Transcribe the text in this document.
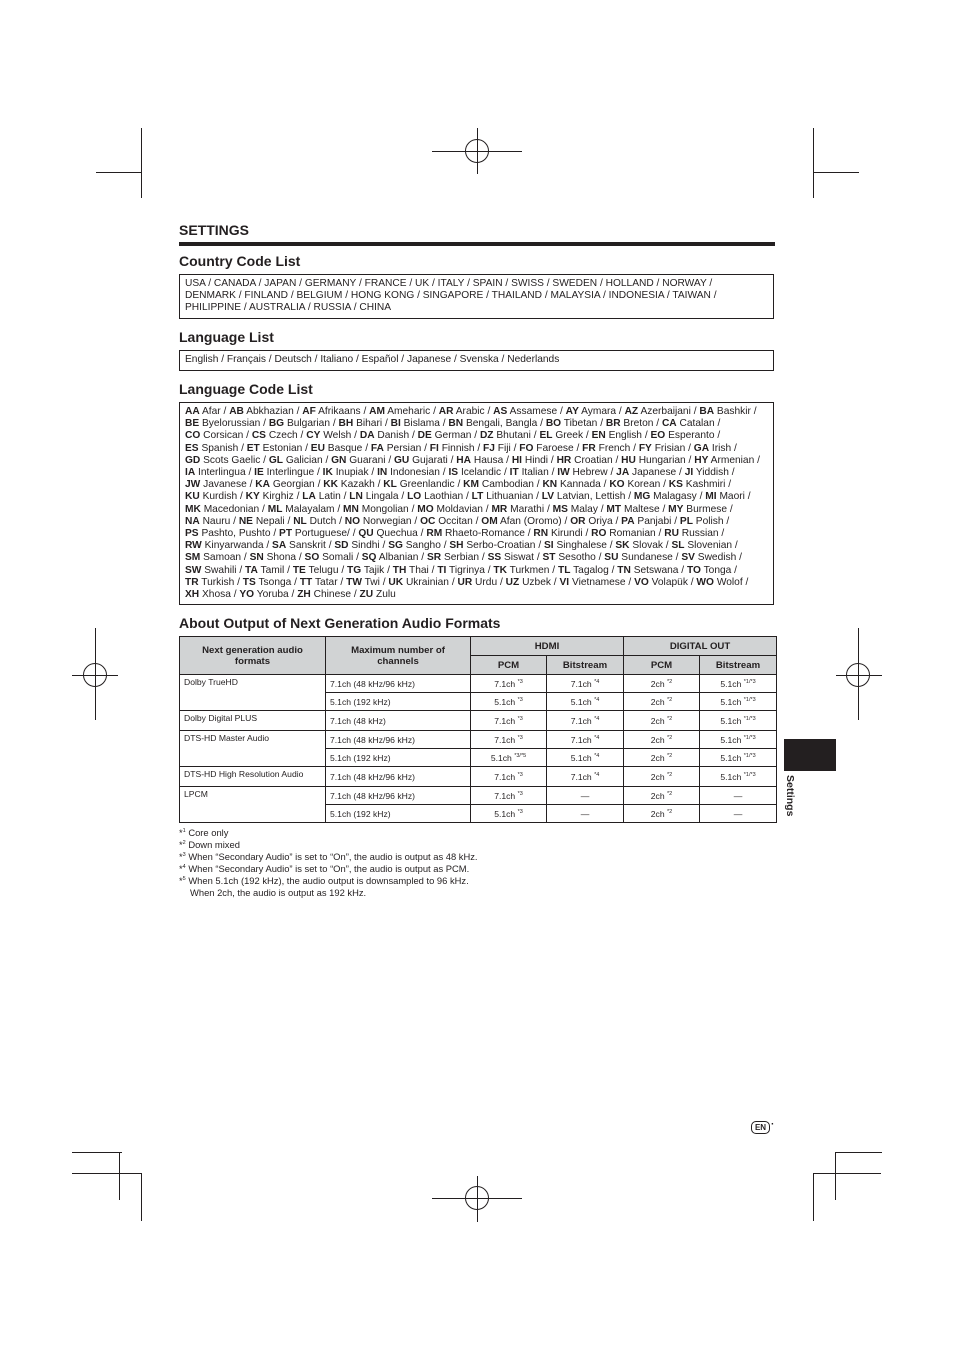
SETTINGS
Country Code List
USA / CANADA / JAPAN / GERMANY / FRANCE / UK / ITALY / SPAIN / SWISS / SWEDEN / HOLLAND / NORWAY /
DENMARK / FINLAND / BELGIUM / HONG KONG / SINGAPORE / THAILAND / MALAYSIA / INDONESIA / TAIWAN /
PHILIPPINE / AUSTRALIA / RUSSIA / CHINA
Language List
English / Français / Deutsch / Italiano / Español / Japanese / Svenska / Nederlands
Language Code List
AA Afar / AB Abkhazian / AF Afrikaans / AM Ameharic / AR Arabic / AS Assamese / AY Aymara / AZ Azerbaijani / BA Bashkir /
BE Byelorussian / BG Bulgarian / BH Bihari / BI Bislama / BN Bengali, Bangla / BO Tibetan / BR Breton / CA Catalan /
CO Corsican / CS Czech / CY Welsh / DA Danish / DE German / DZ Bhutani / EL Greek / EN English / EO Esperanto /
ES Spanish / ET Estonian / EU Basque / FA Persian / FI Finnish / FJ Fiji / FO Faroese / FR French / FY Frisian / GA Irish /
GD Scots Gaelic / GL Galician / GN Guarani / GU Gujarati / HA Hausa / HI Hindi / HR Croatian / HU Hungarian / HY Armenian /
IA Interlingua / IE Interlingue / IK Inupiak / IN Indonesian / IS Icelandic / IT Italian / IW Hebrew / JA Japanese / JI Yiddish /
JW Javanese / KA Georgian / KK Kazakh / KL Greenlandic / KM Cambodian / KN Kannada / KO Korean / KS Kashmiri /
KU Kurdish / KY Kirghiz / LA Latin / LN Lingala / LO Laothian / LT Lithuanian / LV Latvian, Lettish / MG Malagasy / MI Maori /
MK Macedonian / ML Malayalam / MN Mongolian / MO Moldavian / MR Marathi / MS Malay / MT Maltese / MY Burmese /
NA Nauru / NE Nepali / NL Dutch / NO Norwegian / OC Occitan / OM Afan (Oromo) / OR Oriya / PA Panjabi / PL Polish /
PS Pashto, Pushto / PT Portuguese/ / QU Quechua / RM Rhaeto-Romance / RN Kirundi / RO Romanian / RU Russian /
RW Kinyarwanda / SA Sanskrit / SD Sindhi / SG Sangho / SH Serbo-Croatian / SI Singhalese / SK Slovak / SL Slovenian /
SM Samoan / SN Shona / SO Somali / SQ Albanian / SR Serbian / SS Siswat / ST Sesotho / SU Sundanese / SV Swedish /
SW Swahili / TA Tamil / TE Telugu / TG Tajik / TH Thai / TI Tigrinya / TK Turkmen / TL Tagalog / TN Setswana / TO Tonga /
TR Turkish / TS Tsonga / TT Tatar / TW Twi / UK Ukrainian / UR Urdu / UZ Uzbek / VI Vietnamese / VO Volapük / WO Wolof /
XH Xhosa / YO Yoruba / ZH Chinese / ZU Zulu
About Output of Next Generation Audio Formats
Next generation audio formats	Maximum number of channels	HDMI		DIGITAL OUT	
		PCM	Bitstream	PCM	Bitstream
Dolby TrueHD	7.1ch (48 kHz/96 kHz)	7.1ch $^{*3}$	7.1ch $^{*4}$	2ch $^{*2}$	5.1ch $^{*1/*3}$
	5.1ch (192 kHz)	5.1ch $^{*3}$	5.1ch $^{*4}$	2ch $^{*2}$	5.1ch $^{*1/*3}$
Dolby Digital PLUS	7.1ch (48 kHz)	7.1ch $^{*3}$	7.1ch $^{*4}$	2ch $^{*2}$	5.1ch $^{*1/*3}$
DTS-HD Master Audio	7.1ch (48 kHz/96 kHz)	7.1ch $^{*3}$	7.1ch $^{*4}$	2ch $^{*2}$	5.1ch $^{*1/*3}$
	5.1ch (192 kHz)	5.1ch $^{*3/*5}$	5.1ch $^{*4}$	2ch $^{*2}$	5.1ch $^{*1/*3}$
DTS-HD High Resolution Audio	7.1ch (48 kHz/96 kHz)	7.1ch $^{*3}$	7.1ch $^{*4}$	2ch $^{*2}$	5.1ch $^{*1/*3}$
LPCM	7.1ch (48 kHz/96 kHz)	7.1ch $^{*3}$	—	2ch $^{*2}$	—
	5.1ch (192 kHz)	5.1ch $^{*3}$	—	2ch $^{*2}$	—
*$^1$ Core only
*$^2$ Down mixed
*$^3$ When “Secondary Audio” is set to “On”, the audio is output as 48 kHz.
*$^4$ When “Secondary Audio” is set to “On”, the audio is output as PCM.
*$^5$ When 5.1ch (192 kHz), the audio output is downsampled to 96 kHz.
When 2ch, the audio is output as 192 kHz.
Settings
EN ·
